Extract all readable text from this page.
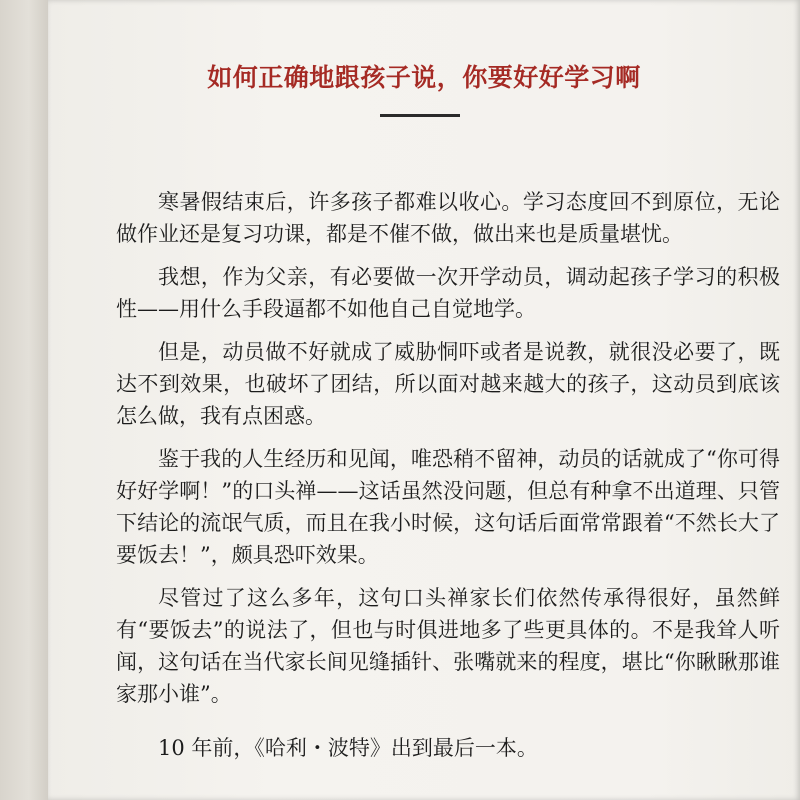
如何正确地跟孩子说，你要好好学习啊

寒暑假结束后，许多孩子都难以收心。学习态度回不到原位，无论做作业还是复习功课，都是不催不做，做出来也是质量堪忧。

我想，作为父亲，有必要做一次开学动员，调动起孩子学习的积极性——用什么手段逼都不如他自己自觉地学。

但是，动员做不好就成了威胁恫吓或者是说教，就很没必要了，既达不到效果，也破坏了团结，所以面对越来越大的孩子，这动员到底该怎么做，我有点困惑。

鉴于我的人生经历和见闻，唯恐稍不留神，动员的话就成了“你可得好好学啊！”的口头禅——这话虽然没问题，但总有种拿不出道理、只管下结论的流氓气质，而且在我小时候，这句话后面常常跟着“不然长大了要饭去！”，颇具恐吓效果。

尽管过了这么多年，这句口头禅家长们依然传承得很好，虽然鲜有“要饭去”的说法了，但也与时俱进地多了些更具体的。不是我耸人听闻，这句话在当代家长间见缝插针、张嘴就来的程度，堪比“你瞅瞅那谁家那小谁”。

10 年前，《哈利・波特》出到最后一本。
